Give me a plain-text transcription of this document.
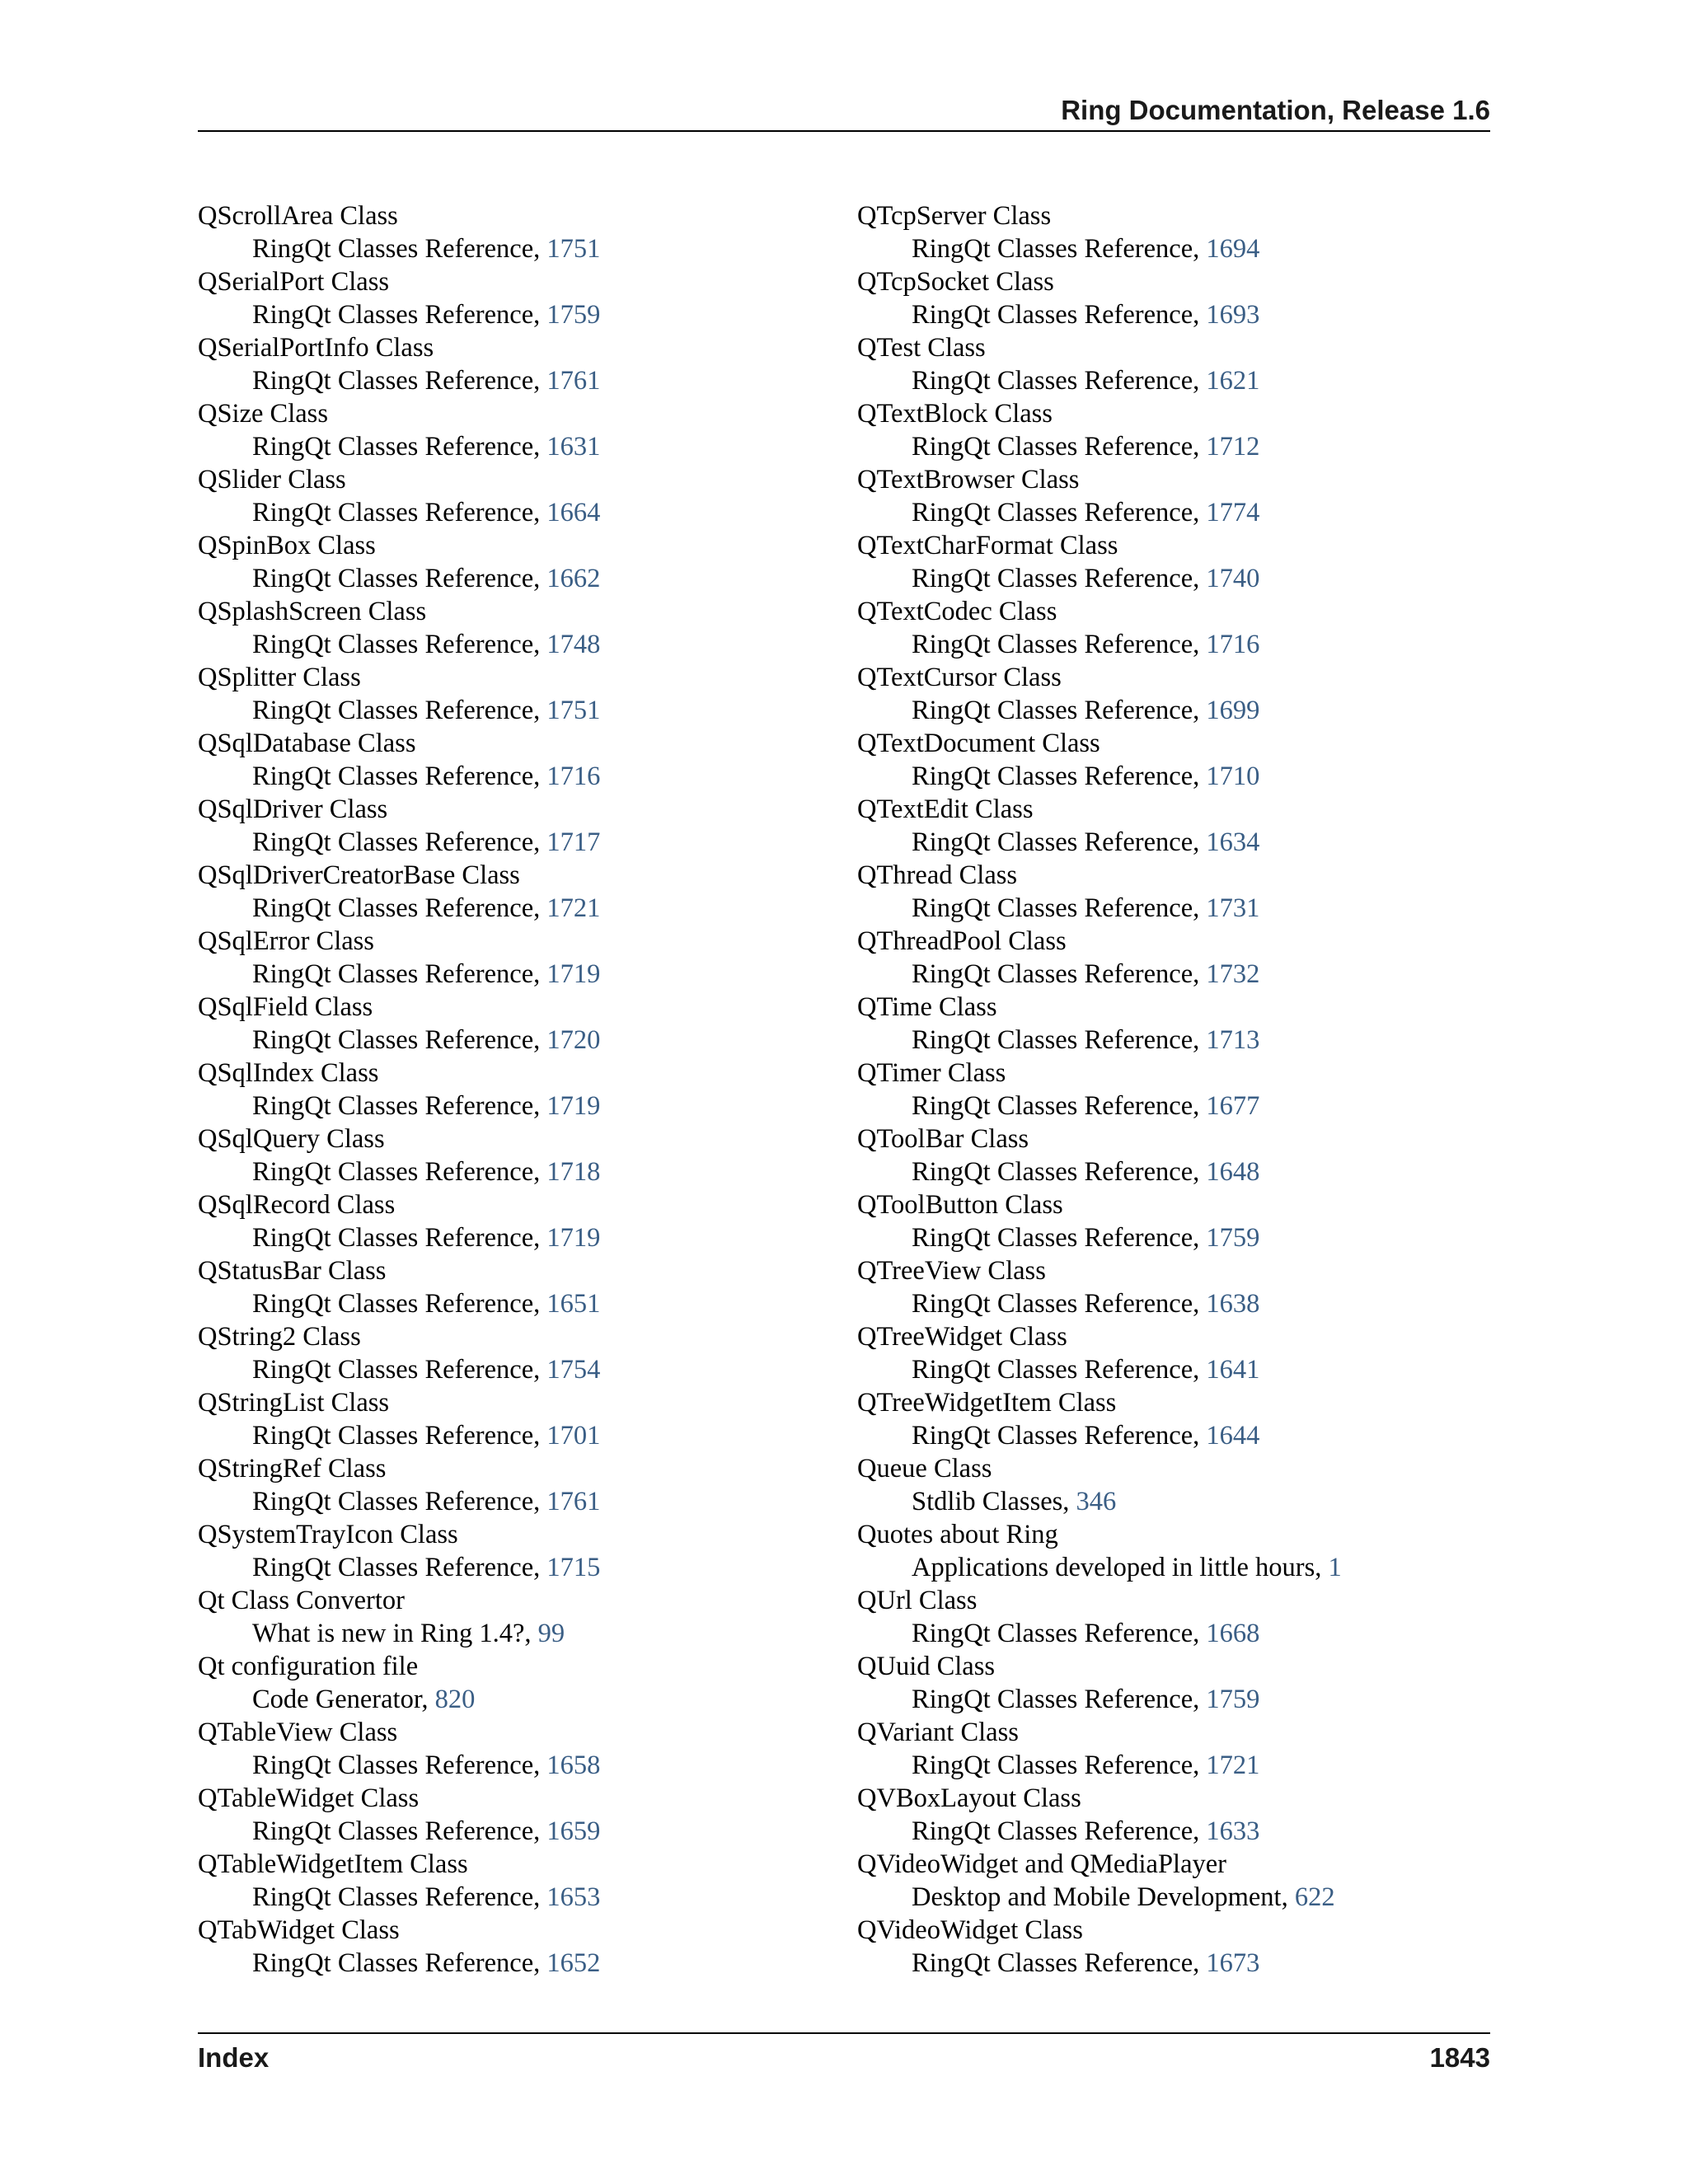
Ring Documentation, Release 1.6
QScrollArea Class
RingQt Classes Reference, 1751
QSerialPort Class
RingQt Classes Reference, 1759
QSerialPortInfo Class
RingQt Classes Reference, 1761
QSize Class
RingQt Classes Reference, 1631
QSlider Class
RingQt Classes Reference, 1664
QSpinBox Class
RingQt Classes Reference, 1662
QSplashScreen Class
RingQt Classes Reference, 1748
QSplitter Class
RingQt Classes Reference, 1751
QSqlDatabase Class
RingQt Classes Reference, 1716
QSqlDriver Class
RingQt Classes Reference, 1717
QSqlDriverCreatorBase Class
RingQt Classes Reference, 1721
QSqlError Class
RingQt Classes Reference, 1719
QSqlField Class
RingQt Classes Reference, 1720
QSqlIndex Class
RingQt Classes Reference, 1719
QSqlQuery Class
RingQt Classes Reference, 1718
QSqlRecord Class
RingQt Classes Reference, 1719
QStatusBar Class
RingQt Classes Reference, 1651
QString2 Class
RingQt Classes Reference, 1754
QStringList Class
RingQt Classes Reference, 1701
QStringRef Class
RingQt Classes Reference, 1761
QSystemTrayIcon Class
RingQt Classes Reference, 1715
Qt Class Convertor
What is new in Ring 1.4?, 99
Qt configuration file
Code Generator, 820
QTableView Class
RingQt Classes Reference, 1658
QTableWidget Class
RingQt Classes Reference, 1659
QTableWidgetItem Class
RingQt Classes Reference, 1653
QTabWidget Class
RingQt Classes Reference, 1652
QTcpServer Class
RingQt Classes Reference, 1694
QTcpSocket Class
RingQt Classes Reference, 1693
QTest Class
RingQt Classes Reference, 1621
QTextBlock Class
RingQt Classes Reference, 1712
QTextBrowser Class
RingQt Classes Reference, 1774
QTextCharFormat Class
RingQt Classes Reference, 1740
QTextCodec Class
RingQt Classes Reference, 1716
QTextCursor Class
RingQt Classes Reference, 1699
QTextDocument Class
RingQt Classes Reference, 1710
QTextEdit Class
RingQt Classes Reference, 1634
QThread Class
RingQt Classes Reference, 1731
QThreadPool Class
RingQt Classes Reference, 1732
QTime Class
RingQt Classes Reference, 1713
QTimer Class
RingQt Classes Reference, 1677
QToolBar Class
RingQt Classes Reference, 1648
QToolButton Class
RingQt Classes Reference, 1759
QTreeView Class
RingQt Classes Reference, 1638
QTreeWidget Class
RingQt Classes Reference, 1641
QTreeWidgetItem Class
RingQt Classes Reference, 1644
Queue Class
Stdlib Classes, 346
Quotes about Ring
Applications developed in little hours, 1
QUrl Class
RingQt Classes Reference, 1668
QUuid Class
RingQt Classes Reference, 1759
QVariant Class
RingQt Classes Reference, 1721
QVBoxLayout Class
RingQt Classes Reference, 1633
QVideoWidget and QMediaPlayer
Desktop and Mobile Development, 622
QVideoWidget Class
RingQt Classes Reference, 1673
Index	1843
